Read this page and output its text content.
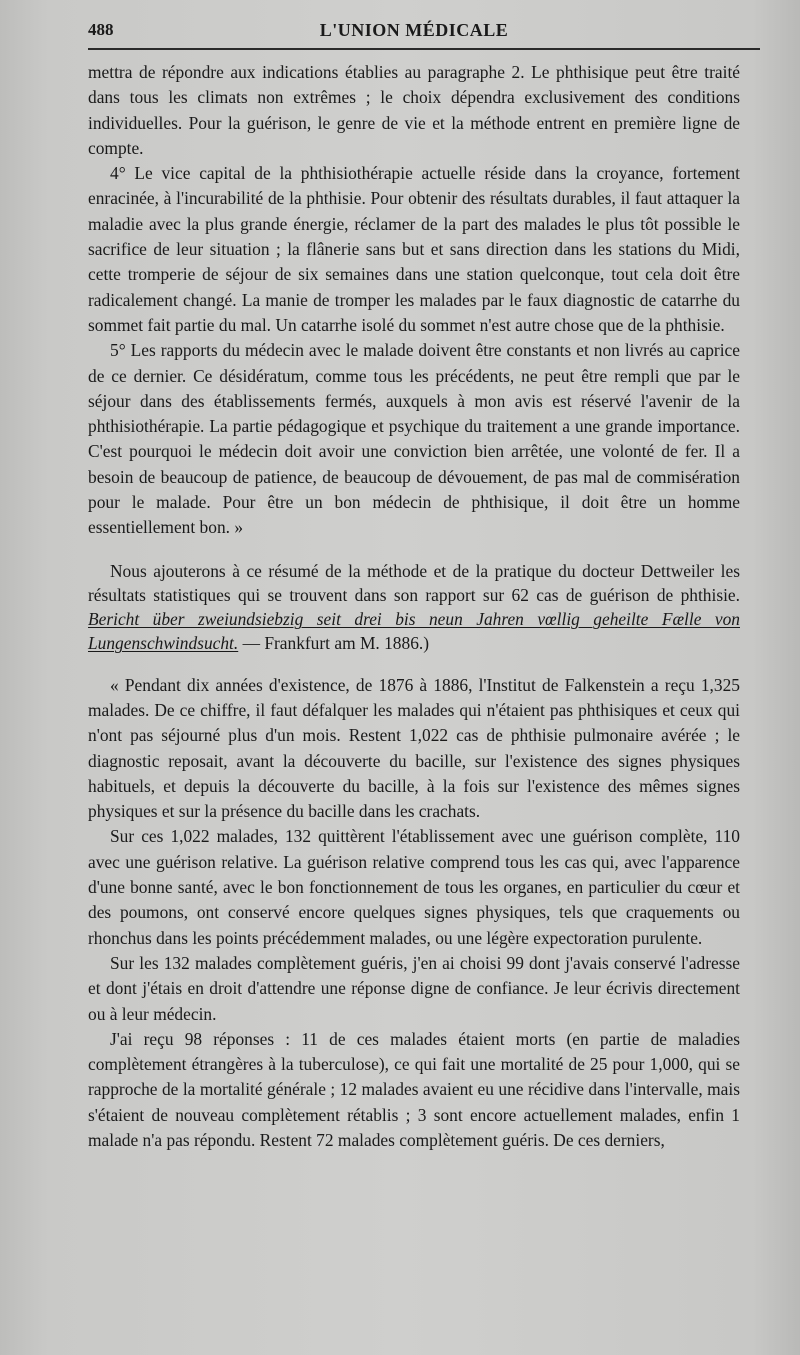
488	L'UNION MÉDICALE

mettra de répondre aux indications établies au paragraphe 2. Le phthisique peut être traité dans tous les climats non extrêmes ; le choix dépendra exclusivement des conditions individuelles. Pour la guérison, le genre de vie et la méthode entrent en première ligne de compte.

4° Le vice capital de la phthisiothérapie actuelle réside dans la croyance, fortement enracinée, à l'incurabilité de la phthisie. Pour obtenir des résultats durables, il faut attaquer la maladie avec la plus grande énergie, réclamer de la part des malades le plus tôt possible le sacrifice de leur situation ; la flânerie sans but et sans direction dans les stations du Midi, cette tromperie de séjour de six semaines dans une station quelconque, tout cela doit être radicalement changé. La manie de tromper les malades par le faux diagnostic de catarrhe du sommet fait partie du mal. Un catarrhe isolé du sommet n'est autre chose que de la phthisie.

5° Les rapports du médecin avec le malade doivent être constants et non livrés au caprice de ce dernier. Ce désidératum, comme tous les précédents, ne peut être rempli que par le séjour dans des établissements fermés, auxquels à mon avis est réservé l'avenir de la phthisiothérapie. La partie pédagogique et psychique du traitement a une grande importance. C'est pourquoi le médecin doit avoir une conviction bien arrêtée, une volonté de fer. Il a besoin de beaucoup de patience, de beaucoup de dévouement, de pas mal de commisération pour le malade. Pour être un bon médecin de phthisique, il doit être un homme essentiellement bon. »

Nous ajouterons à ce résumé de la méthode et de la pratique du docteur Dettweiler les résultats statistiques qui se trouvent dans son rapport sur 62 cas de guérison de phthisie. Bericht über zweiundsiebzig seit drei bis neun Jahren vœllig geheilte Fælle von Lungenschwindsucht. — Frankfurt am M. 1886.)

« Pendant dix années d'existence, de 1876 à 1886, l'Institut de Falkenstein a reçu 1,325 malades. De ce chiffre, il faut défalquer les malades qui n'étaient pas phthisiques et ceux qui n'ont pas séjourné plus d'un mois. Restent 1,022 cas de phthisie pulmonaire avérée ; le diagnostic reposait, avant la découverte du bacille, sur l'existence des signes physiques habituels, et depuis la découverte du bacille, à la fois sur l'existence des mêmes signes physiques et sur la présence du bacille dans les crachats.

Sur ces 1,022 malades, 132 quittèrent l'établissement avec une guérison complète, 110 avec une guérison relative. La guérison relative comprend tous les cas qui, avec l'apparence d'une bonne santé, avec le bon fonctionnement de tous les organes, en particulier du cœur et des poumons, ont conservé encore quelques signes physiques, tels que craquements ou rhonchus dans les points précédemment malades, ou une légère expectoration purulente.

Sur les 132 malades complètement guéris, j'en ai choisi 99 dont j'avais conservé l'adresse et dont j'étais en droit d'attendre une réponse digne de confiance. Je leur écrivis directement ou à leur médecin.

J'ai reçu 98 réponses : 11 de ces malades étaient morts (en partie de maladies complètement étrangères à la tuberculose), ce qui fait une mortalité de 25 pour 1,000, qui se rapproche de la mortalité générale ; 12 malades avaient eu une récidive dans l'intervalle, mais s'étaient de nouveau complètement rétablis ; 3 sont encore actuellement malades, enfin 1 malade n'a pas répondu. Restent 72 malades complètement guéris. De ces derniers,
